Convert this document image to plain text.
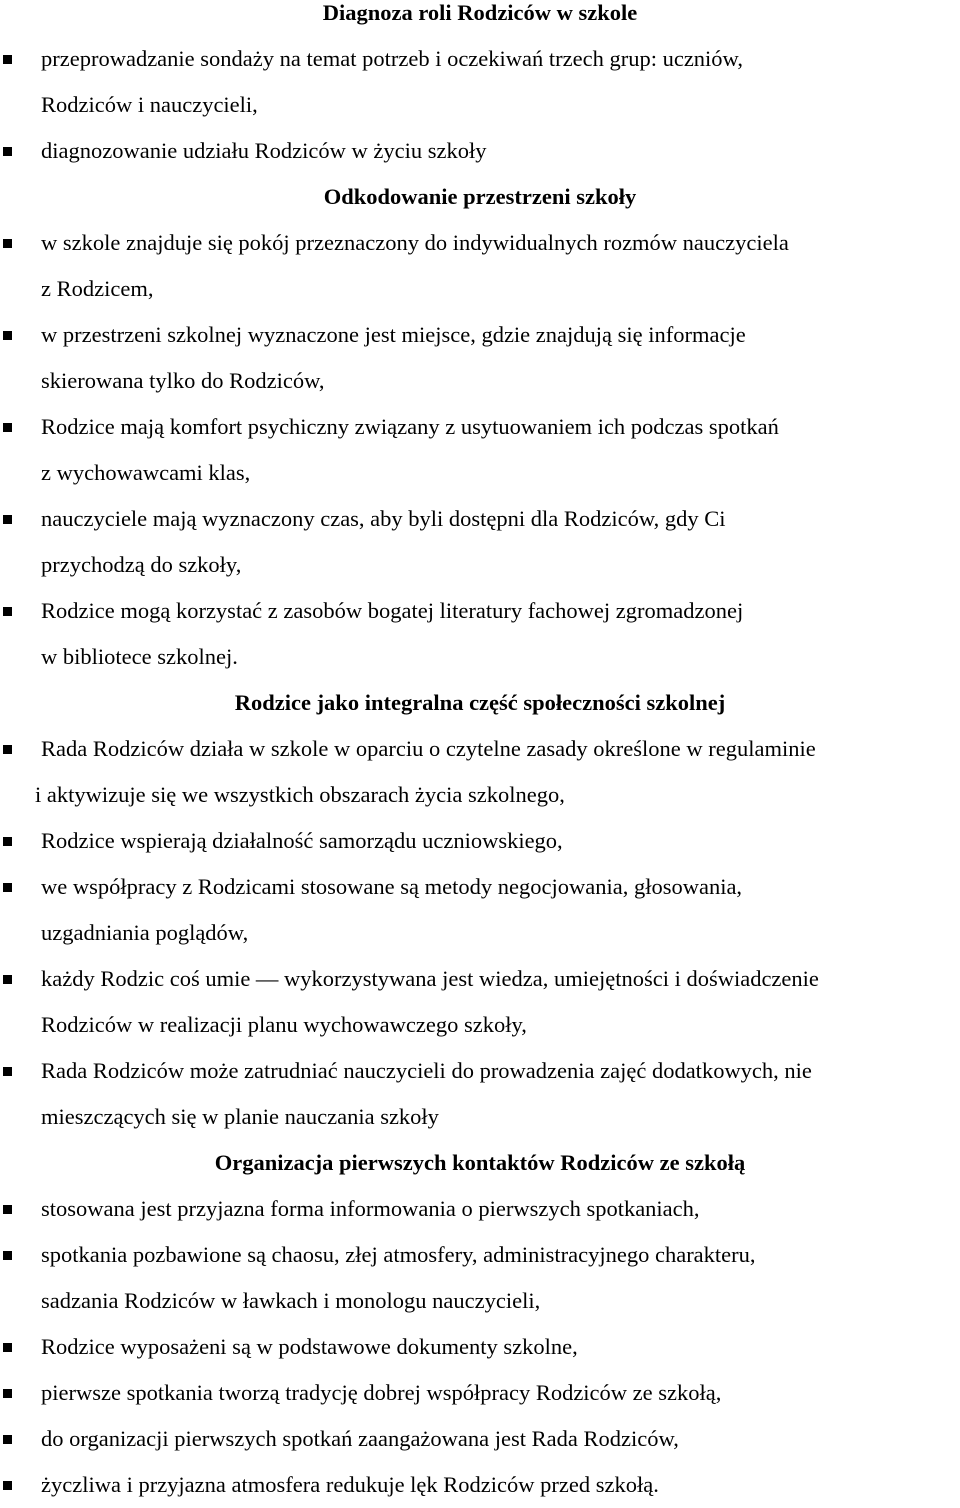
Diagnoza roli Rodziców w szkole
przeprowadzanie sondaży na temat potrzeb i oczekiwań trzech grup: uczniów,
Rodziców i nauczycieli,
diagnozowanie udziału Rodziców w życiu szkoły
Odkodowanie przestrzeni szkoły
w szkole znajduje się pokój przeznaczony do indywidualnych rozmów nauczyciela
z Rodzicem,
w przestrzeni szkolnej wyznaczone jest miejsce, gdzie znajdują się informacje
skierowana tylko do Rodziców,
Rodzice mają komfort psychiczny związany z usytuowaniem ich podczas spotkań
z wychowawcami klas,
nauczyciele mają wyznaczony czas, aby byli dostępni dla Rodziców, gdy Ci
przychodzą do szkoły,
Rodzice mogą korzystać z zasobów bogatej literatury fachowej zgromadzonej
w bibliotece szkolnej.
Rodzice jako integralna część społeczności szkolnej
Rada Rodziców działa w szkole w oparciu o czytelne zasady określone w regulaminie
i aktywizuje się we wszystkich obszarach życia szkolnego,
Rodzice wspierają działalność samorządu uczniowskiego,
we współpracy z Rodzicami stosowane są metody negocjowania, głosowania,
uzgadniania poglądów,
każdy Rodzic coś umie ― wykorzystywana jest wiedza, umiejętności i doświadczenie
Rodziców w realizacji planu wychowawczego szkoły,
Rada Rodziców może zatrudniać nauczycieli do prowadzenia zajęć dodatkowych, nie
mieszczących się w planie nauczania szkoły
Organizacja pierwszych kontaktów Rodziców ze szkołą
stosowana jest przyjazna forma informowania o pierwszych spotkaniach,
spotkania pozbawione są chaosu, złej atmosfery, administracyjnego charakteru,
sadzania Rodziców w ławkach i monologu nauczycieli,
Rodzice wyposażeni są w podstawowe dokumenty szkolne,
pierwsze spotkania tworzą tradycję dobrej współpracy Rodziców ze szkołą,
do organizacji pierwszych spotkań zaangażowana jest Rada Rodziców,
życzliwa i przyjazna atmosfera redukuje lęk Rodziców przed szkołą.
